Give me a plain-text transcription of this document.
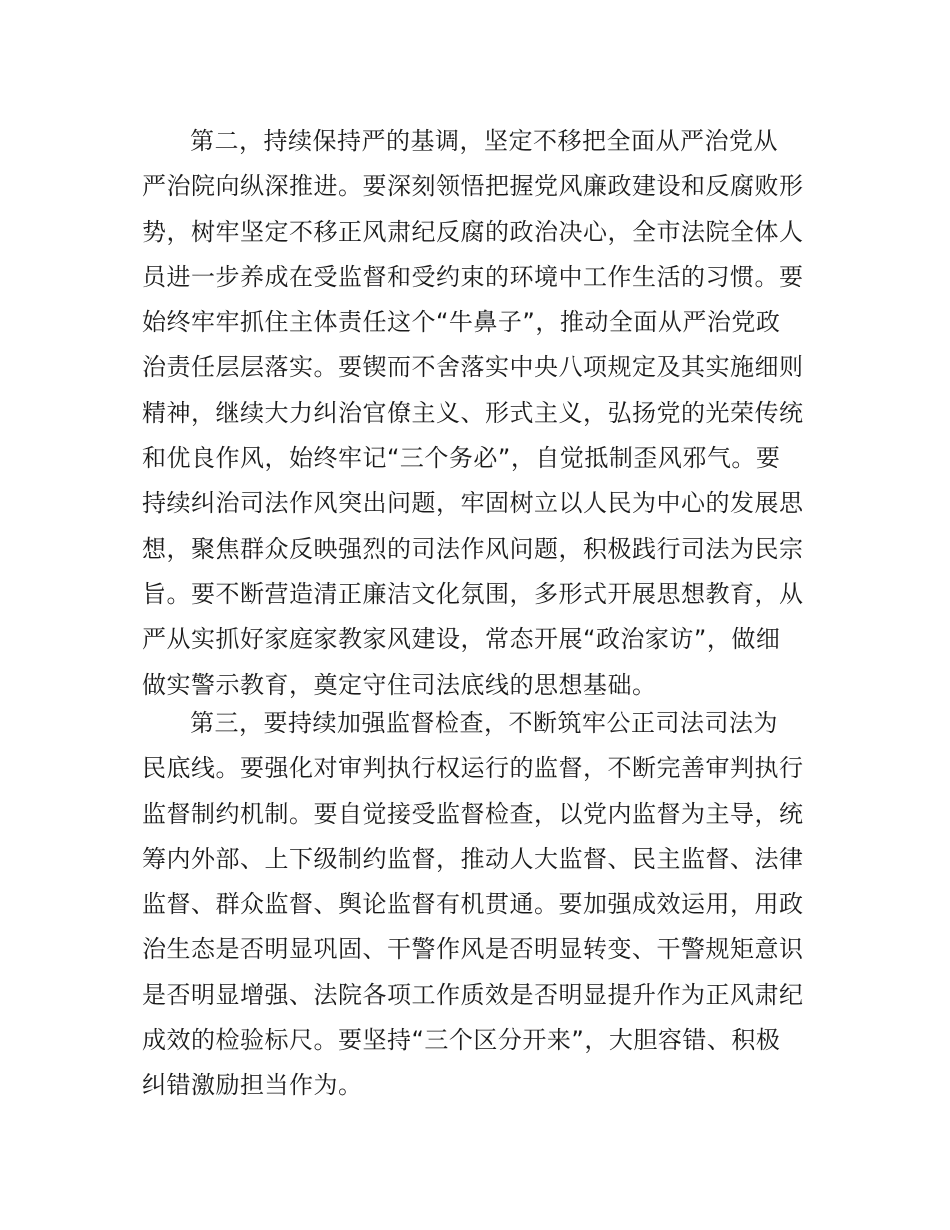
第二，持续保持严的基调，坚定不移把全面从严治党从
严治院向纵深推进。要深刻领悟把握党风廉政建设和反腐败形
势，树牢坚定不移正风肃纪反腐的政治决心，全市法院全体人
员进一步养成在受监督和受约束的环境中工作生活的习惯。要
始终牢牢抓住主体责任这个“牛鼻子”，推动全面从严治党政
治责任层层落实。要锲而不舍落实中央八项规定及其实施细则
精神，继续大力纠治官僚主义、形式主义，弘扬党的光荣传统
和优良作风，始终牢记“三个务必”，自觉抵制歪风邪气。要
持续纠治司法作风突出问题，牢固树立以人民为中心的发展思
想，聚焦群众反映强烈的司法作风问题，积极践行司法为民宗
旨。要不断营造清正廉洁文化氛围，多形式开展思想教育，从
严从实抓好家庭家教家风建设，常态开展“政治家访”，做细
做实警示教育，奠定守住司法底线的思想基础。
第三，要持续加强监督检查，不断筑牢公正司法司法为
民底线。要强化对审判执行权运行的监督，不断完善审判执行
监督制约机制。要自觉接受监督检查，以党内监督为主导，统
筹内外部、上下级制约监督，推动人大监督、民主监督、法律
监督、群众监督、舆论监督有机贯通。要加强成效运用，用政
治生态是否明显巩固、干警作风是否明显转变、干警规矩意识
是否明显增强、法院各项工作质效是否明显提升作为正风肃纪
成效的检验标尺。要坚持“三个区分开来”，大胆容错、积极
纠错激励担当作为。
